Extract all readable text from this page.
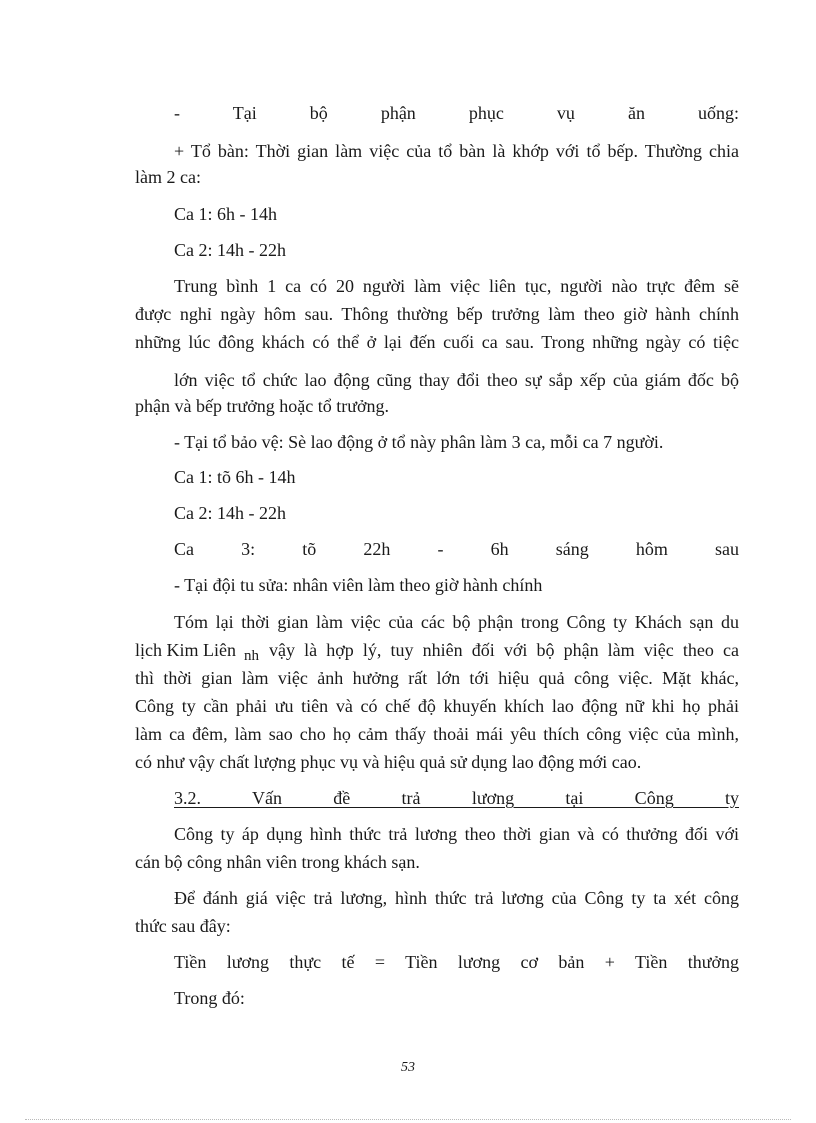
- Tại bộ phận phục vụ ăn uống:
+ Tổ bàn: Thời gian làm việc của tổ bàn là khớp với tổ bếp. Thường chia
làm 2 ca:
Ca 1: 6h - 14h
Ca 2: 14h - 22h
Trung bình 1 ca có 20 người làm việc liên tục, người nào trực đêm sẽ
được nghỉ ngày hôm sau. Thông thường bếp trưởng làm theo giờ hành chính
những lúc đông khách có thể ở lại đến cuối ca sau. Trong những ngày có tiệc
lớn việc tổ chức lao động cũng thay đổi theo sự sắp xếp của giám đốc bộ
phận và bếp trưởng hoặc tổ trưởng.
- Tại tổ bảo vệ: Sè lao động ở tổ này phân làm 3 ca, mỗi ca 7 người.
Ca 1: tõ 6h - 14h
Ca 2: 14h - 22h
Ca 3: tõ 22h - 6h sáng hôm sau
- Tại đội tu sửa: nhân viên làm theo giờ hành chính
Tóm lại thời gian làm việc của các bộ phận trong Công ty Khách sạn du
lịch Kim Liên nh vậy là hợp lý, tuy nhiên đối với bộ phận làm việc theo ca
thì thời gian làm việc ảnh hưởng rất lớn tới hiệu quả công việc. Mặt khác,
Công ty cần phải ưu tiên và có chế độ khuyến khích lao động nữ khi họ phải
làm ca đêm, làm sao cho họ cảm thấy thoải mái yêu thích công việc của mình,
có như vậy chất lượng phục vụ và hiệu quả sử dụng lao động mới cao.
3.2. Vấn đề trả lương tại Công ty
Công ty áp dụng hình thức trả lương theo thời gian và có thưởng đối với
cán bộ công nhân viên trong khách sạn.
Để đánh giá việc trả lương, hình thức trả lương của Công ty ta xét công
thức sau đây:
Tiền lương thực tế = Tiền lương cơ bản + Tiền thưởng
Trong đó:
53
